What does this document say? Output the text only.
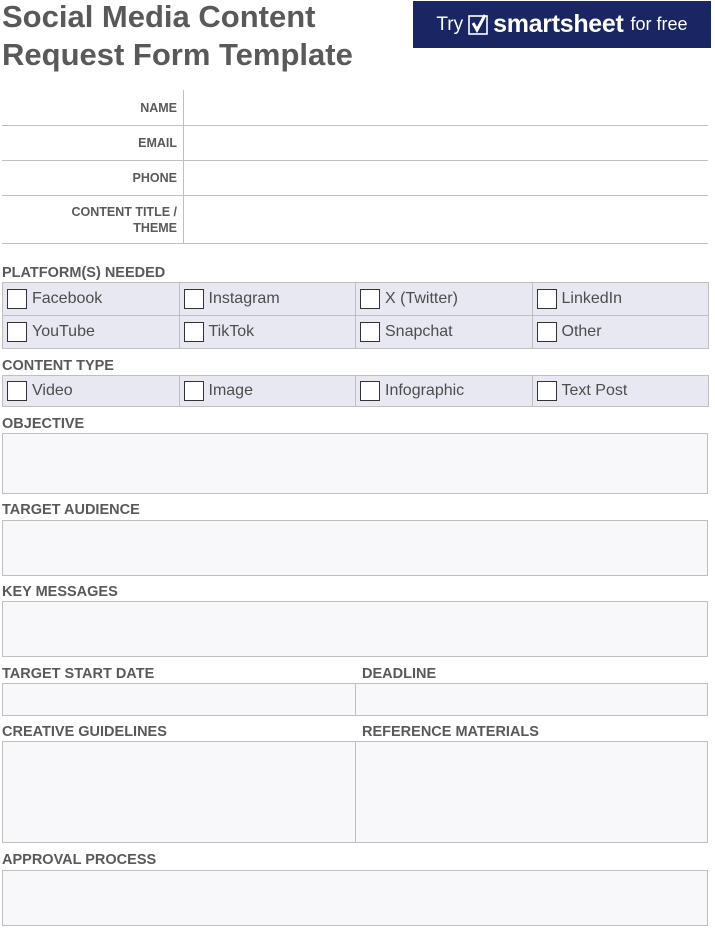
Social Media Content
Request Form Template
Try smartsheet for free
NAME
EMAIL
PHONE
CONTENT TITLE /
THEME
PLATFORM(S) NEEDED
Facebook	Instagram	X (Twitter)	LinkedIn
YouTube	TikTok	Snapchat	Other
CONTENT TYPE
Video	Image	Infographic	Text Post
OBJECTIVE
TARGET AUDIENCE
KEY MESSAGES
TARGET START DATE	DEADLINE
CREATIVE GUIDELINES	REFERENCE MATERIALS
APPROVAL PROCESS
